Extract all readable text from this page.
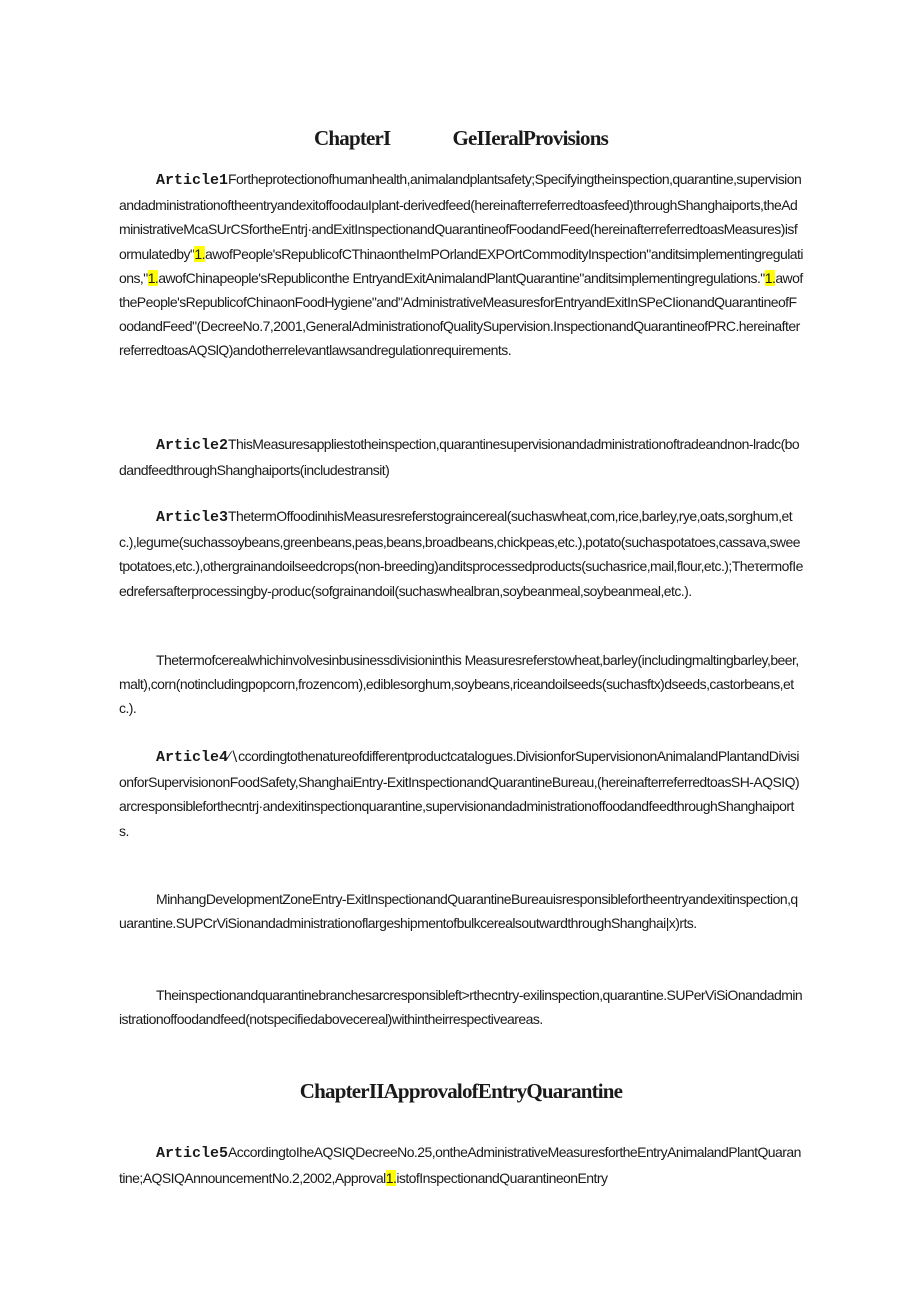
ChapterI	GeIIeralProvisions

Article1Fortheprotectionofhumanhealth,animalandplantsafety;Specifyingtheinspection,quarantine,supervisionandadministrationoftheentryandexitoffoodauIplant-derivedfeed(hereinafterreferredtoasfeed)throughShanghaiports,theAdministrativeMcaSUrCSfortheEntrj·andExitInspectionandQuarantineofFoodandFeed(hereinafterreferredtoasMeasures)isformulatedby"1.awofPeople'sRepublicofCThinaontheImPOrlandEXPOrtCommodityInspection"anditsimplementingregulations,"1.awofChinapeople'sRepubliconthe EntryandExitAnimalandPlantQuarantine"anditsimplementingregulations."1.awofthePeople'sRepublicofChinaonFoodHygiene"and"AdministrativeMeasuresforEntryandExitInSPeCIionandQuarantineofFoodandFeed"(DecreeNo.7,2001,GeneralAdministrationofQualitySupervision.InspectionandQuarantineofPRC.hereinafterreferredtoasAQSlQ)andotherrelevantlawsandregulationrequirements.

Article2ThisMeasuresappliestotheinspection,quarantinesupervisionandadministrationoftradeandnon-lradc(bodandfeedthroughShanghaiports(includestransit)

Article3ThetermOffoodinιhisMeasuresreferstograincereal(suchaswheat,com,rice,barley,rye,oats,sorghum,etc.),legume(suchassoybeans,greenbeans,peas,beans,broadbeans,chickpeas,etc.),potato(suchaspotatoes,cassava,sweetpotatoes,etc.),othergrainandoilseedcrops(non-breeding)anditsprocessedproducts(suchasrice,mail,flour,etc.);TheτermofIeedrefersafterprocessingby-ρroduc(sofgrainandoil(suchaswhealbran,soybeanmeal,soybeanmeal,etc.).

Thetermofcerealwhichinvolvesinbusinessdivisioninthis Measuresreferstowheat,barley(includingmaltingbarley,beer,malt),corn(notincludingpopcorn,frozencom),ediblesorghum,soybeans,riceandoilseeds(suchasftx)dseeds,castorbeans,etc.).

Article4∕∖ccordingtothenatureofdifferentproductcatalogues.DivisionforSupervisiononAnimalandPlantandDivisionforSupervisiononFoodSafety,ShanghaiEntry-ExitInspectionandQuarantineBureau,(hereinafterreferredtoasSH-AQSIQ)arcresponsibleforthecntrj·andexitinspectionquarantine,supervisionandadministrationoffoodandfeedthroughShanghaiports.

MinhangDevelopmentZoneEntry-ExitInspectionandQuarantineBureauisresponsiblefortheentryandexitinspection,quarantine.SUPCrViSionandadministrationoflargeshipmentofbulkcerealsoutwardthroughShanghai|x)rts.

Theinspectionandquarantinebranchesarcresponsibleft>rthecntry-exilinspection,quarantine.SUPerViSiOnandadministrationoffoodandfeed(notspecifiedabovecereal)withintheirrespectiveareas.

ChapterIIApprovalofEntryQuarantine

Article5AccordingtoIheAQSIQDecreeNo.25,ontheAdministrativeMeasuresfortheEntryAnimalandPlantQuarantine;AQSIQAnnouncementNo.2,2002,Approval1.istofInspectionandQuarantineonEntry
